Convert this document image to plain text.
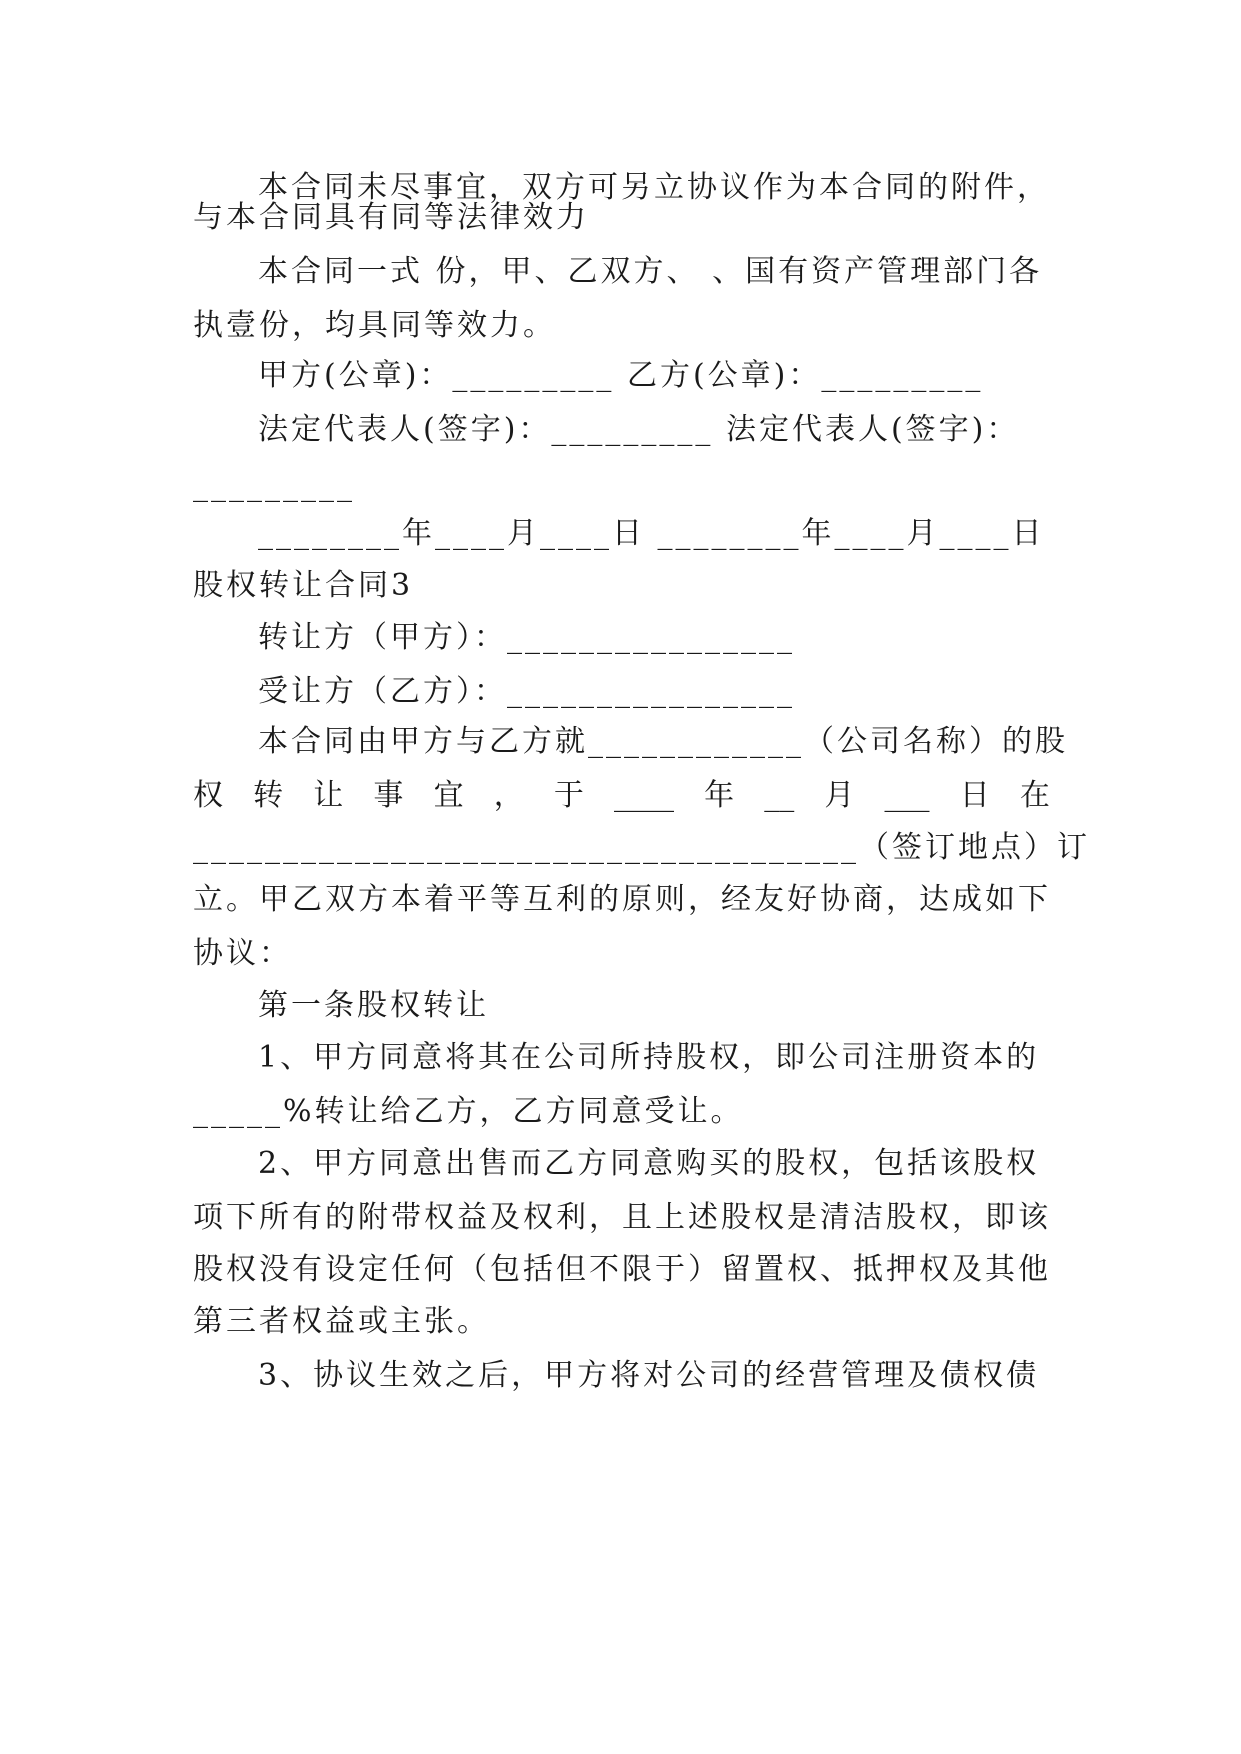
本合同未尽事宜，双方可另立协议作为本合同的附件，
与本合同具有同等法律效力
本合同一式 份，甲、乙双方、 、国有资产管理部门各
执壹份，均具同等效力。
甲方(公章)：_________ 乙方(公章)：_________
法定代表人(签字)：_________ 法定代表人(签字)：
_________
________年____月____日 ________年____月____日
股权转让合同3
转让方（甲方）：________________
受让方（乙方）：________________
本合同由甲方与乙方就____________（公司名称）的股
权 转 让 事 宜 ， 于 ____ 年 __ 月 ___ 日 在
_____________________________________（签订地点）订
立。甲乙双方本着平等互利的原则，经友好协商，达成如下
协议：
第一条股权转让
1、甲方同意将其在公司所持股权，即公司注册资本的
_____%转让给乙方，乙方同意受让。
2、甲方同意出售而乙方同意购买的股权，包括该股权
项下所有的附带权益及权利，且上述股权是清洁股权，即该
股权没有设定任何（包括但不限于）留置权、抵押权及其他
第三者权益或主张。
3、协议生效之后，甲方将对公司的经营管理及债权债
